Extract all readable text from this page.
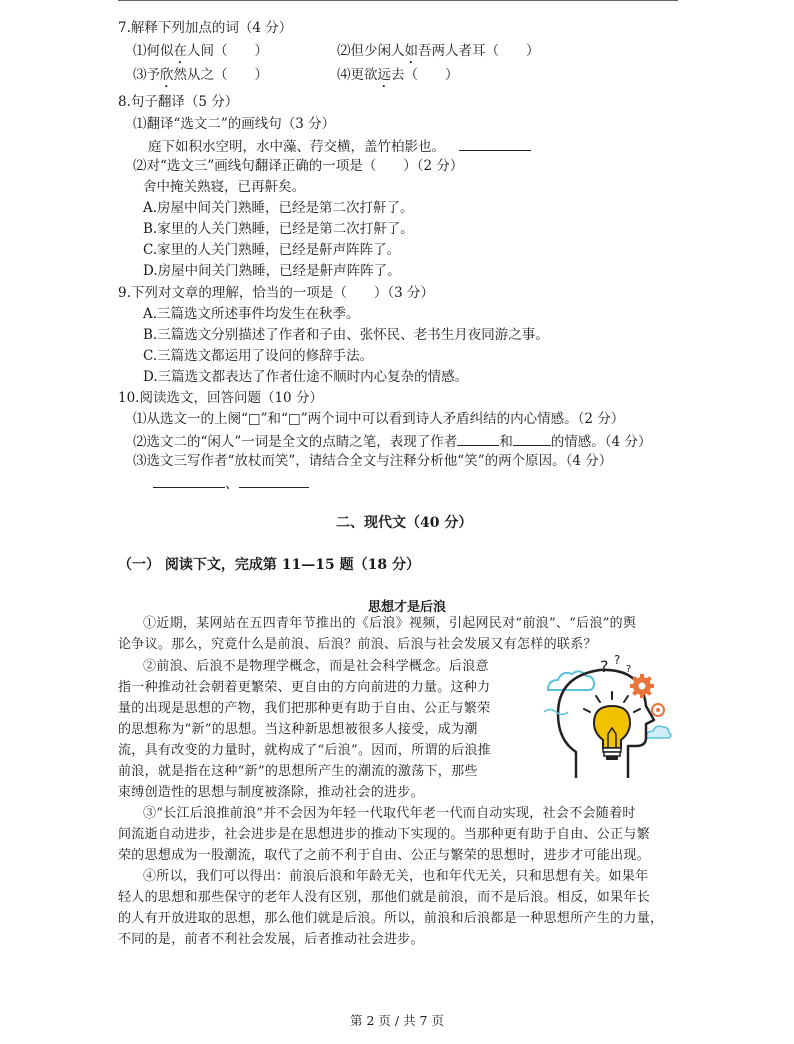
7.解释下列加点的词（4 分）
⑴何似在人间（　　）	⑵但少闲人如吾两人者耳（　　）
⑶予欣然从之（　　）	⑷更欲远去（　　）
8.句子翻译（5 分）
⑴翻译“选文二”的画线句（3 分）
庭下如积水空明，水中藻、荇交横，盖竹柏影也。
⑵对“选文三”画线句翻译正确的一项是（　　）（2 分）
舍中掩关熟寝，已再鼾矣。
A.房屋中间关门熟睡，已经是第二次打鼾了。
B.家里的人关门熟睡，已经是第二次打鼾了。
C.家里的人关门熟睡，已经是鼾声阵阵了。
D.房屋中间关门熟睡，已经是鼾声阵阵了。
9.下列对文章的理解，恰当的一项是（　　）（3 分）
A.三篇选文所述事件均发生在秋季。
B.三篇选文分别描述了作者和子由、张怀民、老书生月夜同游之事。
C.三篇选文都运用了设问的修辞手法。
D.三篇选文都表达了作者仕途不顺时内心复杂的情感。
10.阅读选文，回答问题（10 分）
⑴从选文一的上阕“□”和“□”两个词中可以看到诗人矛盾纠结的内心情感。（2 分）
⑵选文二的“闲人”一词是全文的点睛之笔，表现了作者	和	的情感。（4 分）
⑶选文三写作者“放杖而笑”，请结合全文与注释分析他“笑”的两个原因。（4 分）
、
二、现代文（40 分）
（一） 阅读下文，完成第 11—15 题（18 分）
思想才是后浪
①近期，某网站在五四青年节推出的《后浪》视频，引起网民对“前浪”、“后浪”的舆
论争议。那么，究竟什么是前浪、后浪？前浪、后浪与社会发展又有怎样的联系？
②前浪、后浪不是物理学概念，而是社会科学概念。后浪意
指一种推动社会朝着更繁荣、更自由的方向前进的力量。这种力
量的出现是思想的产物，我们把那种更有助于自由、公正与繁荣
的思想称为“新”的思想。当这种新思想被很多人接受，成为潮
流，具有改变的力量时，就构成了“后浪”。因而，所谓的后浪推
前浪，就是指在这种“新”的思想所产生的潮流的激荡下，那些
束缚创造性的思想与制度被涤除，推动社会的进步。
③“长江后浪推前浪”并不会因为年轻一代取代年老一代而自动实现，社会不会随着时
间流逝自动进步，社会进步是在思想进步的推动下实现的。当那种更有助于自由、公正与繁
荣的思想成为一股潮流，取代了之前不利于自由、公正与繁荣的思想时，进步才可能出现。
④所以，我们可以得出：前浪后浪和年龄无关，也和年代无关，只和思想有关。如果年
轻人的思想和那些保守的老年人没有区别，那他们就是前浪，而不是后浪。相反，如果年长
的人有开放进取的思想，那么他们就是后浪。所以，前浪和后浪都是一种思想所产生的力量，
不同的是，前者不利社会发展，后者推动社会进步。
? ?
?
第 2 页 / 共 7 页
